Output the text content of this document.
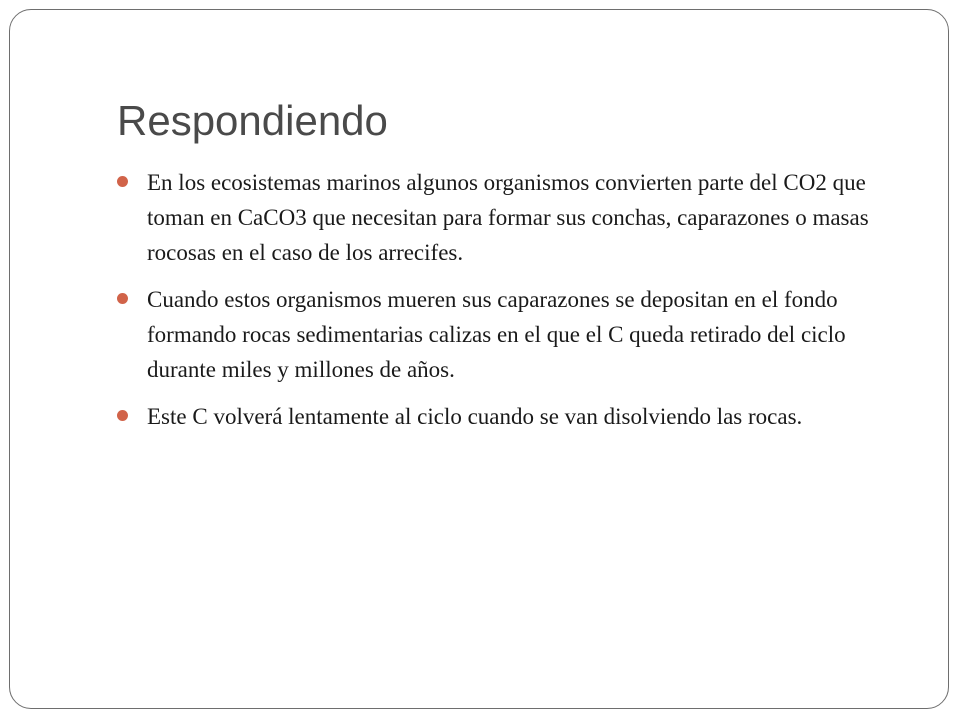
Respondiendo
En los ecosistemas marinos algunos organismos convierten parte del CO2 que toman en CaCO3 que necesitan para formar sus conchas, caparazones o masas rocosas en el caso de los arrecifes.
Cuando estos organismos mueren sus caparazones se depositan en el fondo formando rocas sedimentarias calizas en el que el C queda retirado del ciclo durante miles y millones de años.
Este C volverá lentamente al ciclo cuando se van disolviendo las rocas.
